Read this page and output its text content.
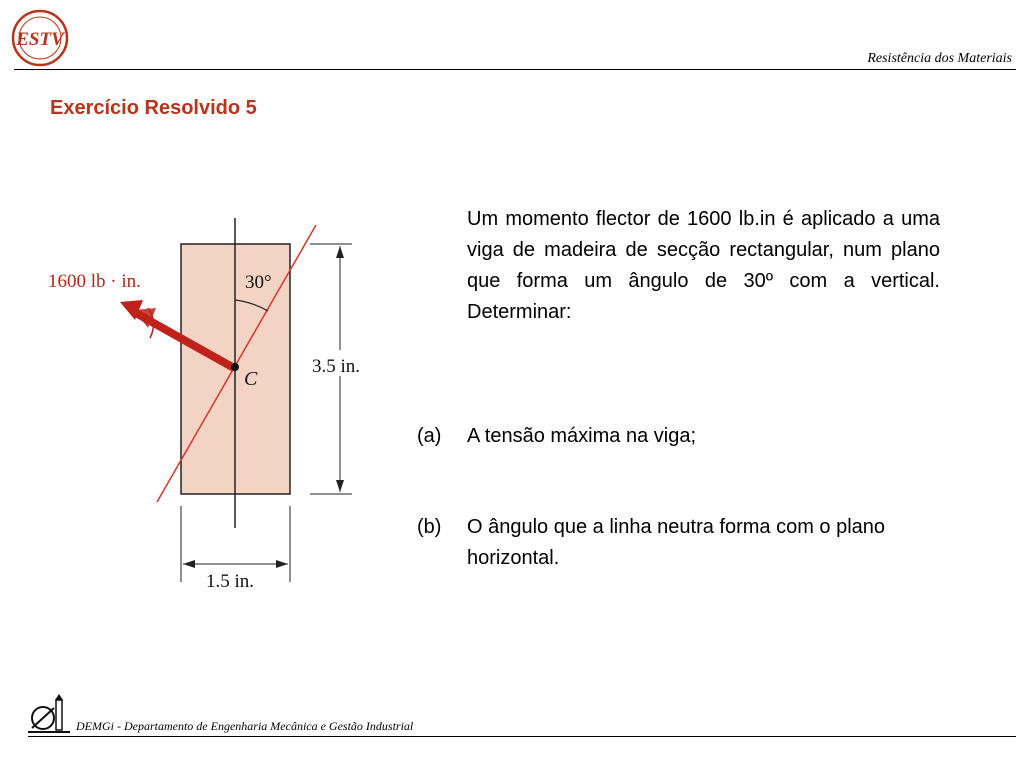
ESTV
Resistência dos Materiais
Exercício Resolvido 5
30°
1600 lb · in.
C
3.5 in.
1.5 in.
Um momento flector de 1600 lb.in é aplicado a uma viga de madeira de secção rectangular, num plano que forma um ângulo de 30º com a vertical. Determinar:
(a) A tensão máxima na viga;
(b) O ângulo que a linha neutra forma com o plano horizontal.
DEMGi - Departamento de Engenharia Mecânica e Gestão Industrial
